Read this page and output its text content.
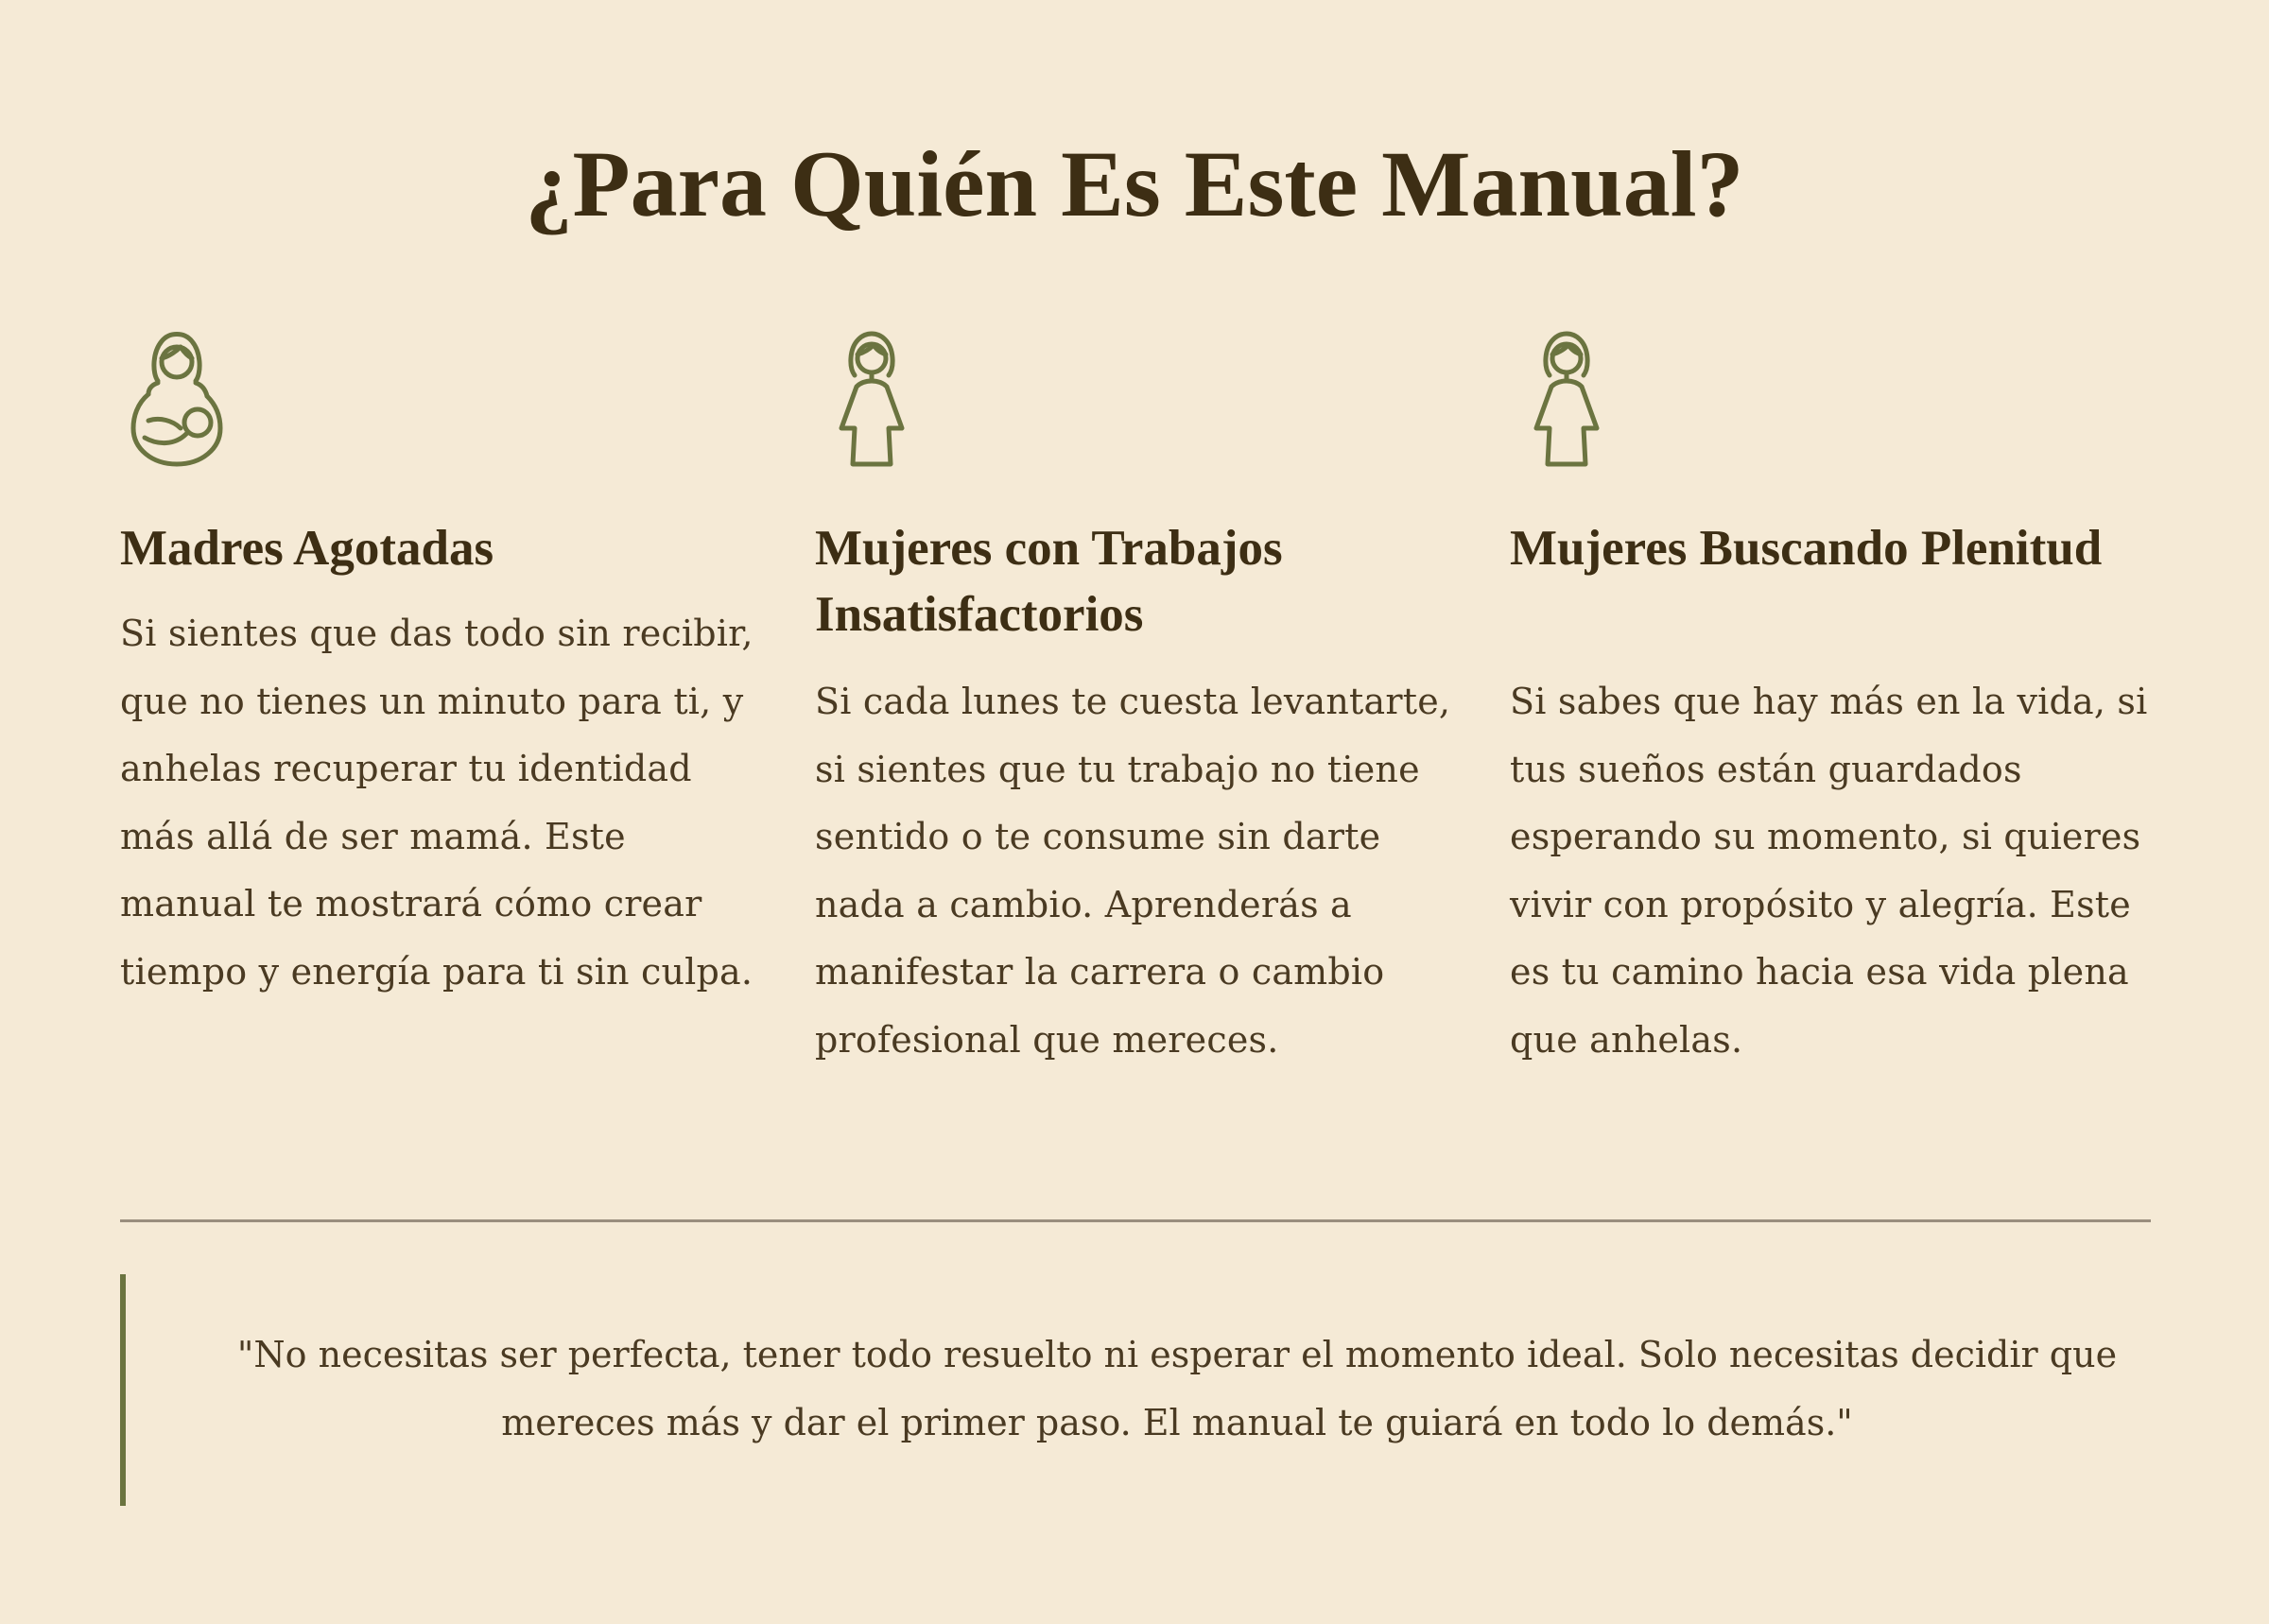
¿Para Quién Es Este Manual?
Madres Agotadas

Si sientes que das todo sin recibir, que no tienes un minuto para ti, y anhelas recuperar tu identidad más allá de ser mamá. Este manual te mostrará cómo crear tiempo y energía para ti sin culpa.

Mujeres con Trabajos Insatisfactorios

Si cada lunes te cuesta levantarte, si sientes que tu trabajo no tiene sentido o te consume sin darte nada a cambio. Aprenderás a manifestar la carrera o cambio profesional que mereces.

Mujeres Buscando Plenitud

Si sabes que hay más en la vida, si tus sueños están guardados esperando su momento, si quieres vivir con propósito y alegría. Este es tu camino hacia esa vida plena que anhelas.

"No necesitas ser perfecta, tener todo resuelto ni esperar el momento ideal. Solo necesitas decidir que mereces más y dar el primer paso. El manual te guiará en todo lo demás."
